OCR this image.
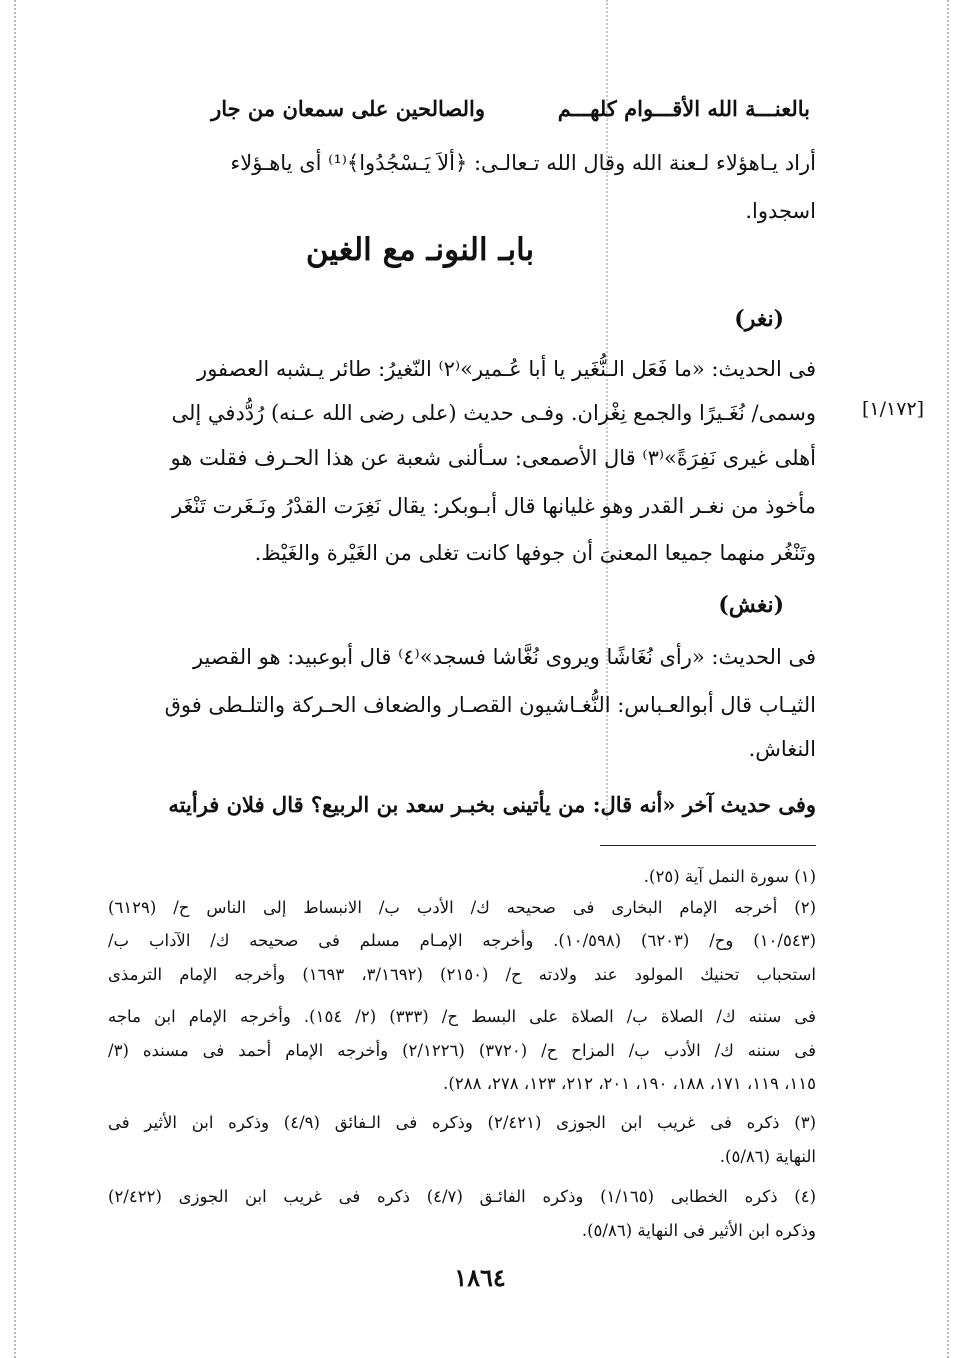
بالعنـــة الله الأقـــوام كلهـــم
والصالحين على سمعان من جار
أراد يـاهؤلاء لـعنة الله وقال الله تـعالـى: ﴿ألاَ يَـسْجُدُوا﴾⁽¹⁾ أى ياهـؤلاء
اسجدوا.
بابـ النونـ مع الغين
(نغر)
فى الحديث: «ما فَعَل الـنُّغَير يا أبا عُـمير»⁽٢⁾ النّغيرُ: طائر يـشبه العصفور
وسمى/ نُغَـيرًا والجمع نِغْران. وفـى حديث (على رضى الله عـنه) رُدُّدفي إلى [١/١٧٢]
أهلى غيرى نَفِرَةً»⁽٣⁾ قال الأصمعى: سـألنى شعبة عن هذا الحـرف فقلت هو
مأخوذ من نغـر القدر وهو غليانها قال أبـوبكر: يقال نَغِرَت القدْرُ ونَـغَرت تَنْغَر
وتَنْغُر منهما جميعا المعنىَ أن جوفها كانت تغلى من الغَيْرة والغَيْظ.
(نغش)
فى الحديث: «رأى نُغَاشًا ويروى نُغَّاشا فسجد»⁽٤⁾ قال أبوعبيد: هو القصير
الثيـاب قال أبوالعـباس: النُّغـاشيون القصـار والضعاف الحـركة والتلـطى فوق
النغاش.
وفى حديث آخر «أنه قال: من يأتينى بخبـر سعد بن الربيع؟ قال فلان فرأيته
(١) سورة النمل آية (٢٥).
(٢) أخرجه الإمام البخارى فى صحيحه ك/ الأدب ب/ الانبساط إلى الناس ح/ (٦١٢٩)
(١٠/٥٤٣) وح/ (٦٢٠٣) (١٠/٥٩٨). وأخرجه الإمـام مسلم فى صحيحه ك/ الآداب ب/
استحباب تحنيك المولود عند ولادته ح/ (٢١٥٠) (٣/١٦٩٢، ١٦٩٣) وأخرجه الإمام الترمذى
فى سننه ك/ الصلاة ب/ الصلاة على البسط ح/ (٣٣٣) (٢/ ١٥٤). وأخرجه الإمام ابن ماجه
فى سننه ك/ الأدب ب/ المزاح ح/ (٣٧٢٠) (٢/١٢٢٦) وأخرجه الإمام أحمد فى مسنده (٣/
١١٥، ١١٩، ١٧١، ١٨٨، ١٩٠، ٢٠١، ٢١٢، ١٢٣، ٢٧٨، ٢٨٨).
(٣) ذكره فى غريب ابن الجوزى (٢/٤٢١) وذكره فى الـفائق (٤/٩) وذكره ابن الأثير فى
النهاية (٥/٨٦).
(٤) ذكره الخطابى (١/١٦٥) وذكره الفائـق (٤/٧) ذكره فى غريب ابن الجوزى (٢/٤٢٢)
وذكره ابن الأثير فى النهاية (٥/٨٦).
١٨٦٤
